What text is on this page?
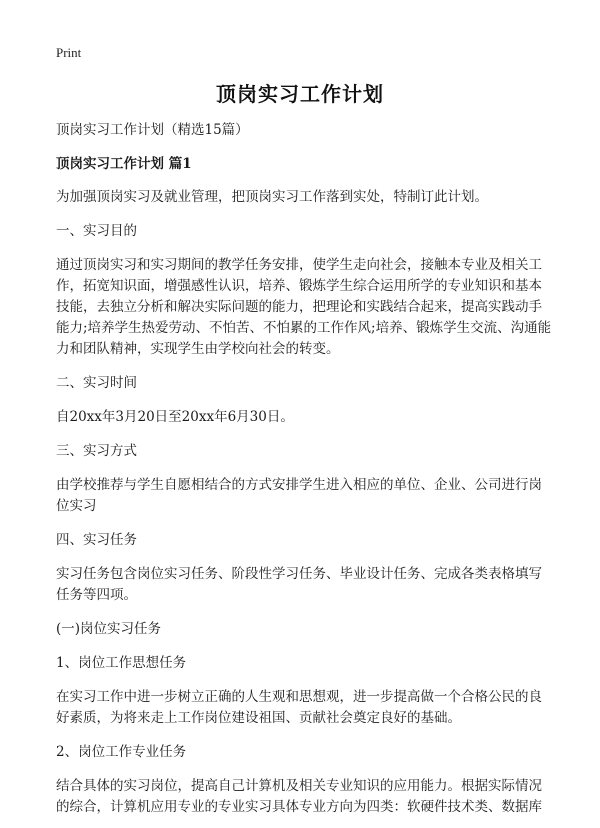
Print
顶岗实习工作计划

顶岗实习工作计划（精选15篇）

顶岗实习工作计划 篇1

为加强顶岗实习及就业管理，把顶岗实习工作落到实处，特制订此计划。

一、实习目的

通过顶岗实习和实习期间的教学任务安排，使学生走向社会，接触本专业及相关工作，拓宽知识面，增强感性认识，培养、锻炼学生综合运用所学的专业知识和基本技能，去独立分析和解决实际问题的能力，把理论和实践结合起来，提高实践动手能力;培养学生热爱劳动、不怕苦、不怕累的工作作风;培养、锻炼学生交流、沟通能力和团队精神，实现学生由学校向社会的转变。

二、实习时间

自20xx年3月20日至20xx年6月30日。

三、实习方式

由学校推荐与学生自愿相结合的方式安排学生进入相应的单位、企业、公司进行岗位实习

四、实习任务

实习任务包含岗位实习任务、阶段性学习任务、毕业设计任务、完成各类表格填写任务等四项。

(一)岗位实习任务

1、岗位工作思想任务

在实习工作中进一步树立正确的人生观和思想观，进一步提高做一个合格公民的良好素质，为将来走上工作岗位建设祖国、贡献社会奠定良好的基础。

2、岗位工作专业任务

结合具体的实习岗位，提高自己计算机及相关专业知识的应用能力。根据实际情况的综合，计算机应用专业的专业实习具体专业方向为四类：软硬件技术类、数据库
